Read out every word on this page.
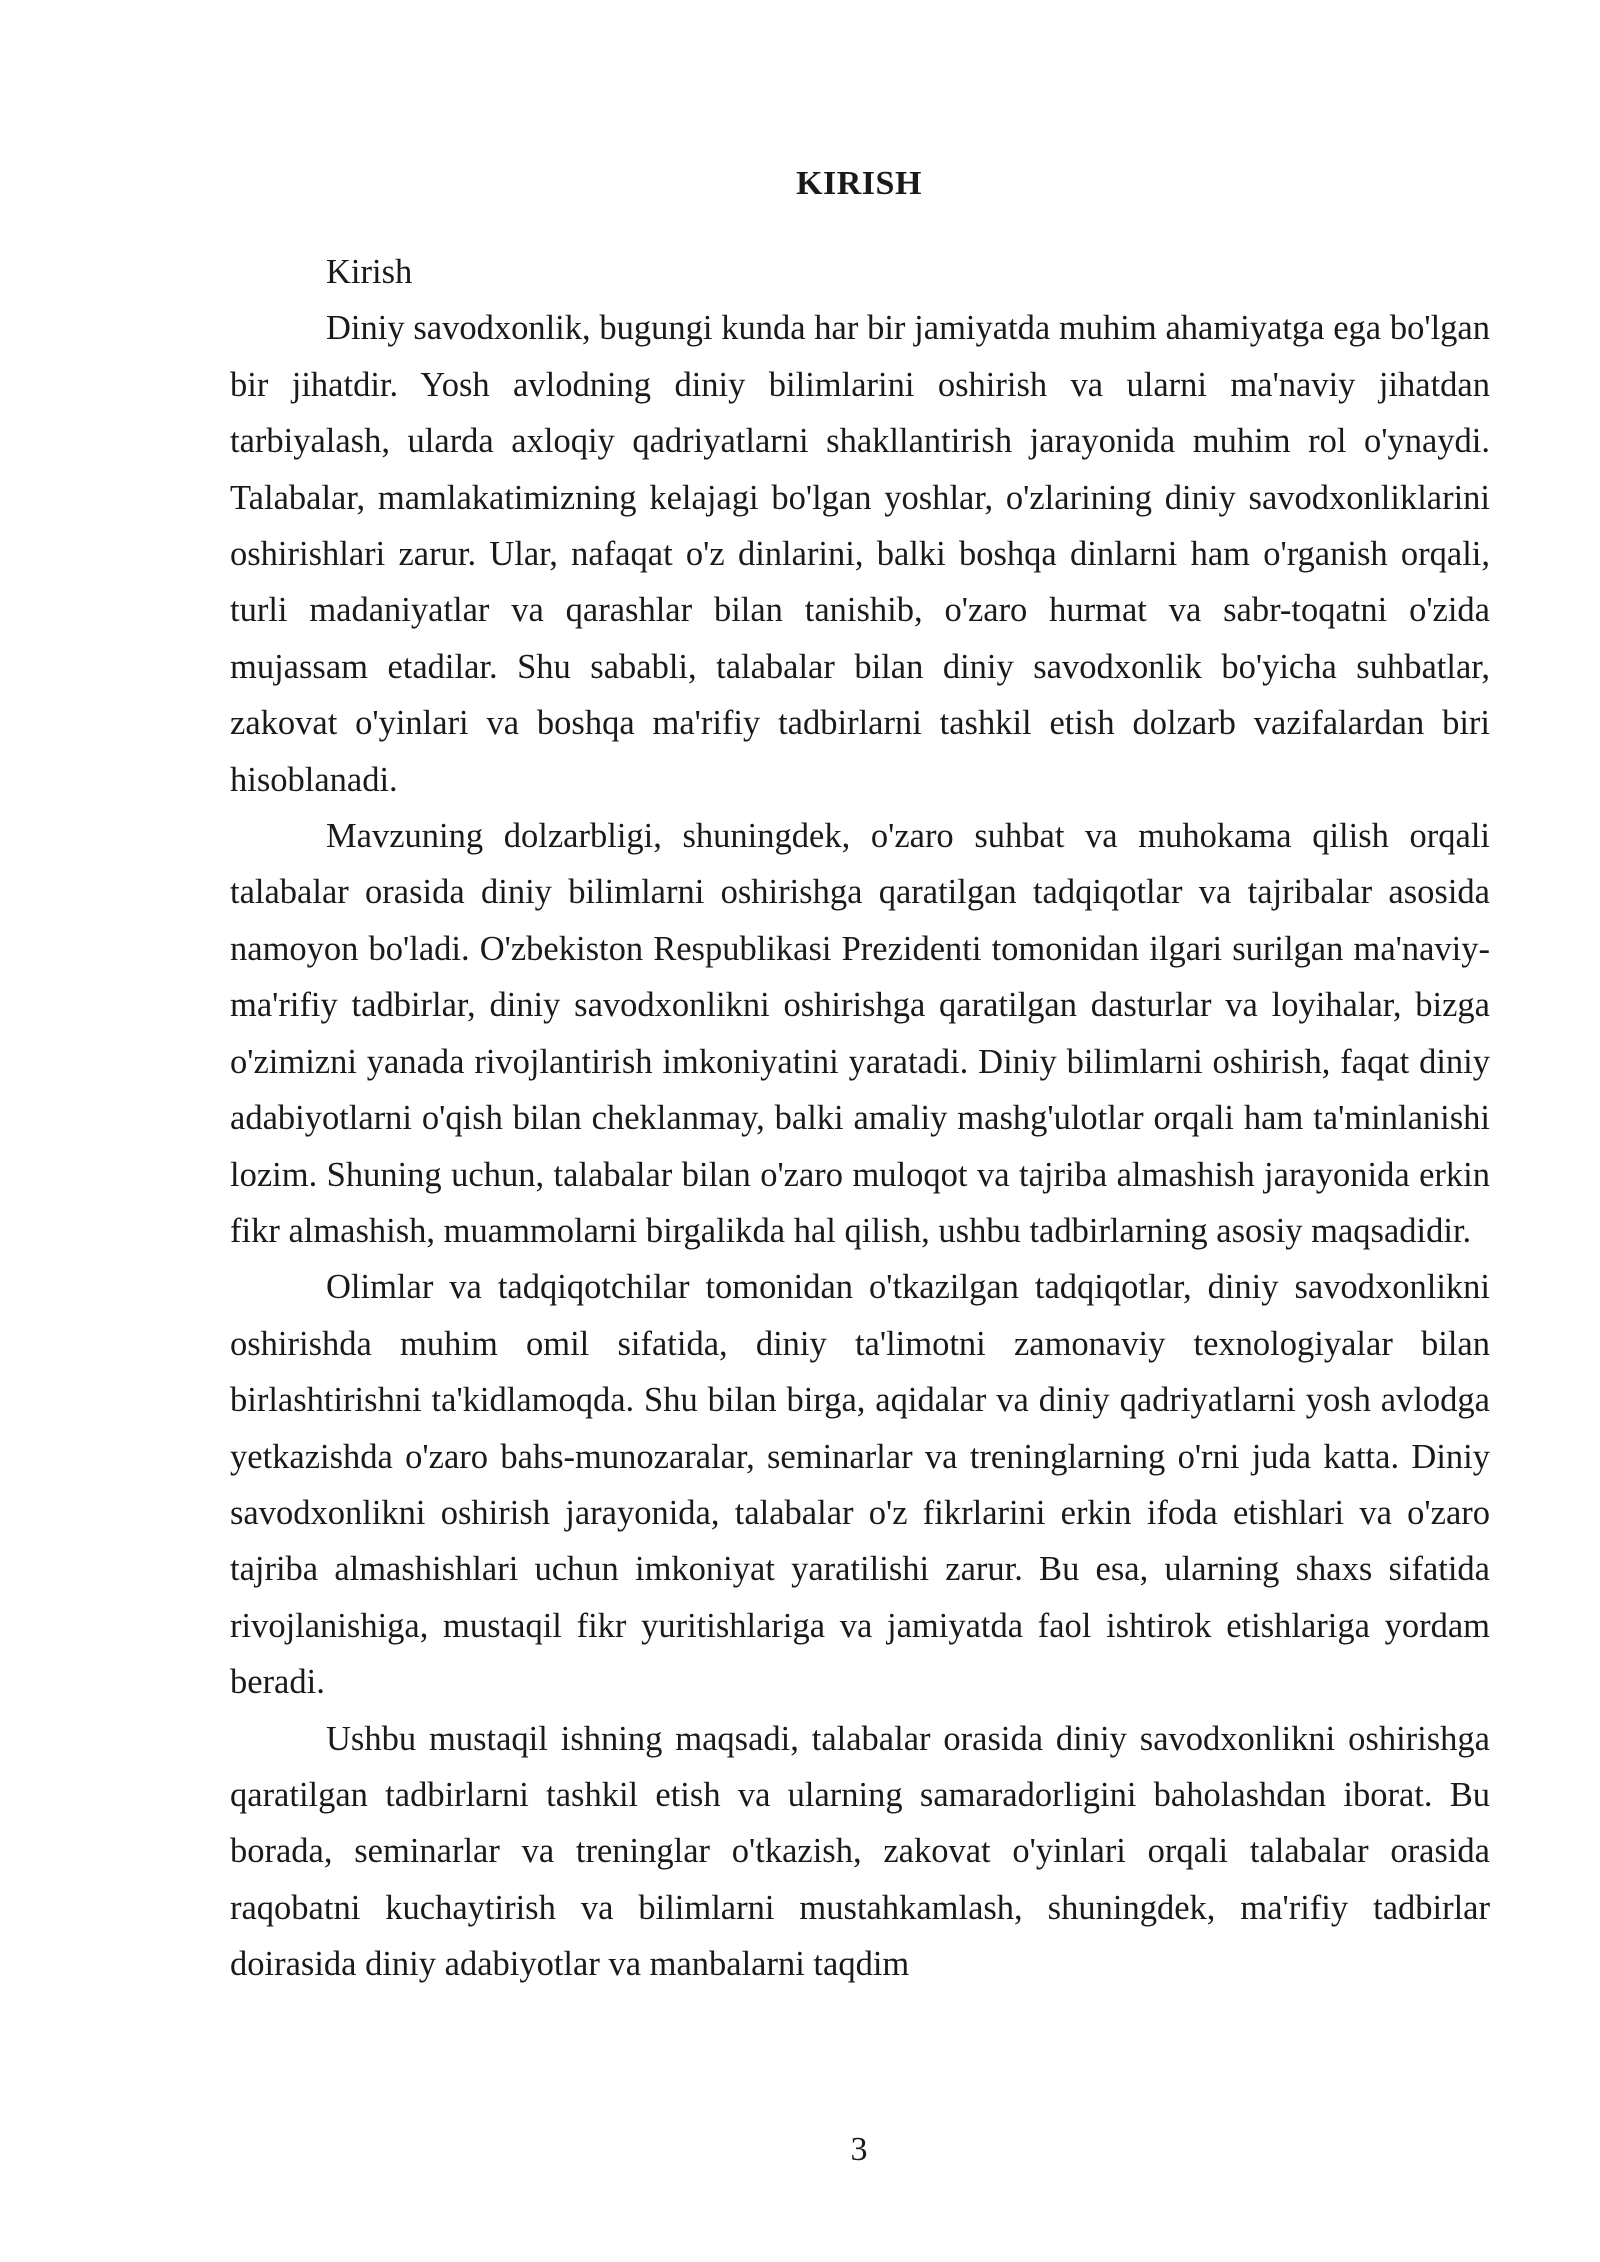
KIRISH

Kirish

Diniy savodxonlik, bugungi kunda har bir jamiyatda muhim ahamiyatga ega bo'lgan bir jihatdir. Yosh avlodning diniy bilimlarini oshirish va ularni ma'naviy jihatdan tarbiyalash, ularda axloqiy qadriyatlarni shakllantirish jarayonida muhim rol o'ynaydi. Talabalar, mamlakatimizning kelajagi bo'lgan yoshlar, o'zlarining diniy savodxonliklarini oshirishlari zarur. Ular, nafaqat o'z dinlarini, balki boshqa dinlarni ham o'rganish orqali, turli madaniyatlar va qarashlar bilan tanishib, o'zaro hurmat va sabr-toqatni o'zida mujassam etadilar. Shu sababli, talabalar bilan diniy savodxonlik bo'yicha suhbatlar, zakovat o'yinlari va boshqa ma'rifiy tadbirlarni tashkil etish dolzarb vazifalardan biri hisoblanadi.

Mavzuning dolzarbligi, shuningdek, o'zaro suhbat va muhokama qilish orqali talabalar orasida diniy bilimlarni oshirishga qaratilgan tadqiqotlar va tajribalar asosida namoyon bo'ladi. O'zbekiston Respublikasi Prezidenti tomonidan ilgari surilgan ma'naviy-ma'rifiy tadbirlar, diniy savodxonlikni oshirishga qaratilgan dasturlar va loyihalar, bizga o'zimizni yanada rivojlantirish imkoniyatini yaratadi. Diniy bilimlarni oshirish, faqat diniy adabiyotlarni o'qish bilan cheklanmay, balki amaliy mashg'ulotlar orqali ham ta'minlanishi lozim. Shuning uchun, talabalar bilan o'zaro muloqot va tajriba almashish jarayonida erkin fikr almashish, muammolarni birgalikda hal qilish, ushbu tadbirlarning asosiy maqsadidir.

Olimlar va tadqiqotchilar tomonidan o'tkazilgan tadqiqotlar, diniy savodxonlikni oshirishda muhim omil sifatida, diniy ta'limotni zamonaviy texnologiyalar bilan birlashtirishni ta'kidlamoqda. Shu bilan birga, aqidalar va diniy qadriyatlarni yosh avlodga yetkazishda o'zaro bahs-munozaralar, seminarlar va treninglarning o'rni juda katta. Diniy savodxonlikni oshirish jarayonida, talabalar o'z fikrlarini erkin ifoda etishlari va o'zaro tajriba almashishlari uchun imkoniyat yaratilishi zarur. Bu esa, ularning shaxs sifatida rivojlanishiga, mustaqil fikr yuritishlariga va jamiyatda faol ishtirok etishlariga yordam beradi.

Ushbu mustaqil ishning maqsadi, talabalar orasida diniy savodxonlikni oshirishga qaratilgan tadbirlarni tashkil etish va ularning samaradorligini baholashdan iborat. Bu borada, seminarlar va treninglar o'tkazish, zakovat o'yinlari orqali talabalar orasida raqobatni kuchaytirish va bilimlarni mustahkamlash, shuningdek, ma'rifiy tadbirlar doirasida diniy adabiyotlar va manbalarni taqdim

3
